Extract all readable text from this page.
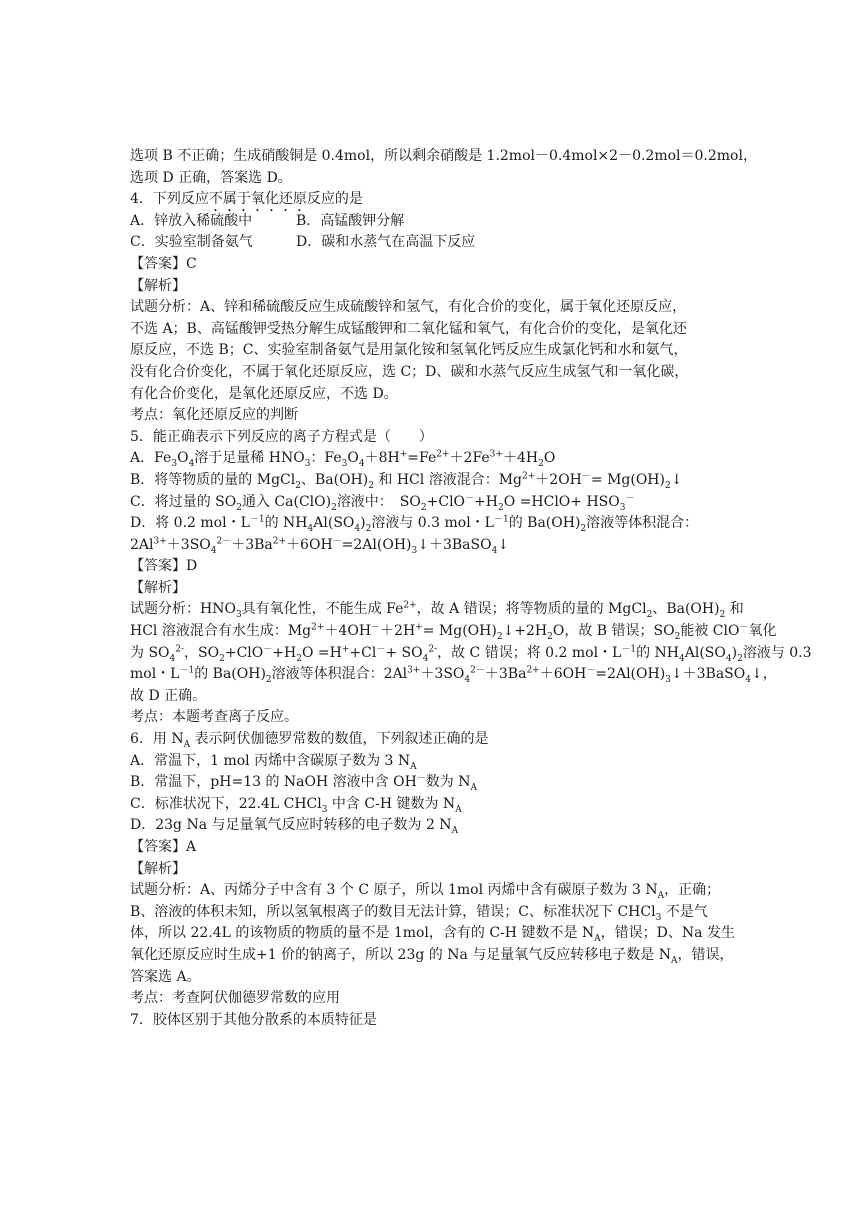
选项 B 不正确；生成硝酸铜是 0.4mol，所以剩余硝酸是 1.2mol－0.4mol×2－0.2mol＝0.2mol，
选项 D 正确，答案选 D。
4．下列反应不属于氧化还原反应的是
A．锌放入稀硫酸中	B．高锰酸钾分解
C．实验室制备氨气	D．碳和水蒸气在高温下反应
【答案】C
【解析】
试题分析：A、锌和稀硫酸反应生成硫酸锌和氢气，有化合价的变化，属于氧化还原反应，
不选 A；B、高锰酸钾受热分解生成锰酸钾和二氧化锰和氧气，有化合价的变化，是氧化还
原反应，不选 B；C、实验室制备氨气是用氯化铵和氢氧化钙反应生成氯化钙和水和氨气，
没有化合价变化，不属于氧化还原反应，选 C；D、碳和水蒸气反应生成氢气和一氧化碳，
有化合价变化，是氧化还原反应，不选 D。
考点：氧化还原反应的判断
5．能正确表示下列反应的离子方程式是（　　）
A．$Fe_3O_4$溶于足量稀 $HNO_3$：$Fe_3O_4+8H^+=Fe^{2+}+2Fe^{3+}+4H_2O$
B．将等物质的量的 MgCl$_2$、$Ba(OH)_2$ 和 HCl 溶液混合：$Mg^{2+}+2OH^-=$ $Mg(OH)_2↓$
C．将过量的 $SO_2$通入 $Ca(ClO)_2$溶液中：　$SO_2+ClO^-+H_2O$ =HClO+ $HSO_3^-$
D．将 0.2 mol・$L^{-1}$的 $NH_4Al(SO_4)_2$溶液与 0.3 mol・$L^{-1}$的 $Ba(OH)_2$溶液等体积混合：
$2Al^{3+}+3SO_4^{2-}+3Ba^{2+}+6OH^-=2Al(OH)_3↓+3BaSO_4↓$
【答案】D
【解析】
试题分析：$HNO_3$具有氧化性，不能生成 $Fe^{2+}$，故 A 错误；将等物质的量的 MgCl$_2$、$Ba(OH)_2$ 和
HCl 溶液混合有水生成：$Mg^{2+}+4OH^-+2H^+=$ $Mg(OH)_2↓+2H_2O$，故 B 错误；$SO_2$能被 ClO－氧化
为 $SO_4^{2-}$，$SO_2+ClO^-+H_2O =H^++Cl^-+ SO_4^{2-}$，故 C 错误；将 0.2 mol・$L^{-1}$的 $NH_4Al(SO_4)_2$溶液与 0.3
mol・$L^{-1}$的 $Ba(OH)_2$溶液等体积混合：$2Al^{3+}+3SO_4^{2-}+3Ba^{2+}+6OH^-=2Al(OH)_3↓+3BaSO_4↓$，
故 D 正确。
考点：本题考查离子反应。
6．用 $N_A$ 表示阿伏伽德罗常数的数值，下列叙述正确的是
A．常温下，1 mol 丙烯中含碳原子数为 3 $N_A$
B．常温下，pH=13 的 NaOH 溶液中含 OH－数为 $N_A$
C．标准状况下，22.4L CHCl$_3$ 中含 C-H 键数为 $N_A$
D．23g Na 与足量氧气反应时转移的电子数为 2 $N_A$
【答案】A
【解析】
试题分析：A、丙烯分子中含有 3 个 C 原子，所以 1mol 丙烯中含有碳原子数为 3 $N_A$，正确；
B、溶液的体积未知，所以氢氧根离子的数目无法计算，错误；C、标准状况下 CHCl$_3$ 不是气
体，所以 22.4L 的该物质的物质的量不是 1mol，含有的 C-H 键数不是 $N_A$，错误；D、Na 发生
氧化还原反应时生成+1 价的钠离子，所以 23g 的 Na 与足量氧气反应转移电子数是 $N_A$，错误，
答案选 A。
考点：考查阿伏伽德罗常数的应用
7．胶体区别于其他分散系的本质特征是
